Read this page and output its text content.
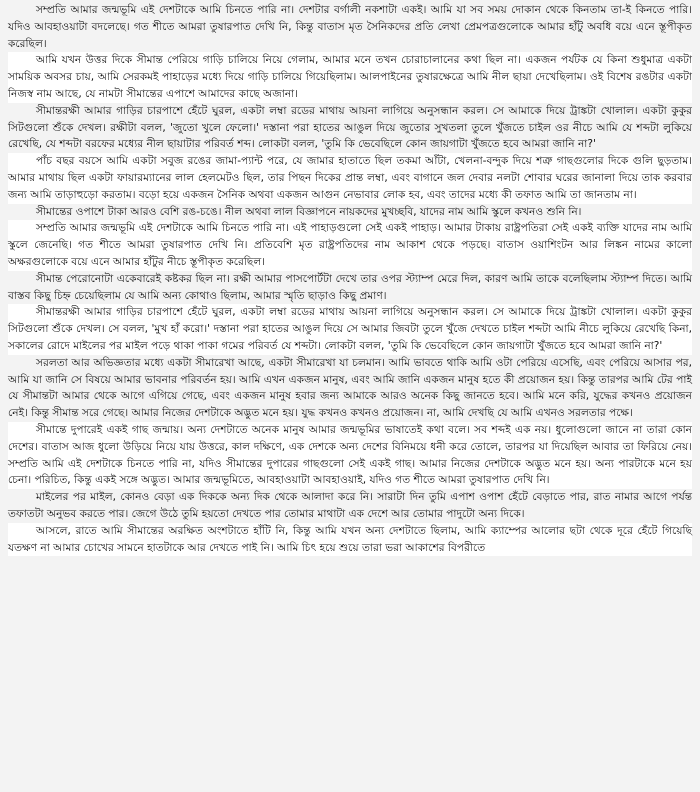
সম্প্রতি আমার জন্মভূমি এই দেশটাকে আমি চিনতে পারি না। দেশটার বর্গালী নকশাটা একই। আমি যা সব সময় দোকান থেকে কিনতাম তা-ই কিনতে পারি। যদিও আবহাওয়াটা বদলেছে। গত শীতে আমরা তুষারপাত দেখি নি, কিন্তু বাতাস মৃত সৈনিকদের প্রতি লেখা প্রেমপত্রগুলোকে আমার হাঁটু অবধি বয়ে এনে স্তূপীকৃত করেছিল।

আমি যখন উত্তর দিকে সীমান্ত পেরিয়ে গাড়ি চালিয়ে নিয়ে গেলাম, আমার মনে তখন চোরাচালানের কথা ছিল না। একজন পর্যটক যে কিনা শুধুমাত্র একটা সাময়িক অবসর চায়, আমি সেরকমই পাহাড়ের মধ্যে দিয়ে গাড়ি চালিয়ে গিয়েছিলাম। আলপাইনের তুষারক্ষেত্রে আমি নীল ছায়া দেখেছিলাম। ওই বিশেষ রঙটার একটা নিজস্ব নাম আছে, যে নামটা সীমান্তের এপাশে আমাদের কাছে অজানা।

সীমান্তরক্ষী আমার গাড়ির চারপাশে হেঁটে ঘুরল, একটা লম্বা রডের মাথায় আয়না লাগিয়ে অনুসন্ধান করল। সে আমাকে দিয়ে ট্রাঙ্কটা খোলাল। একটা কুকুর সিটগুলো শুঁকে দেখল। রক্ষীটা বলল, 'জুতো খুলে ফেলো।' দস্তানা পরা হাতের আঙুল দিয়ে জুতোর সুখতলা তুলে খুঁজতে চাইল ওর নীচে আমি যে শব্দটা লুকিয়ে রেখেছি, যে শব্দটা বরফের মধ্যের নীল ছায়াটার পরিবর্ত শব্দ। লোকটা বলল, 'তুমি কি ভেবেছিলে কোন জায়গাটা খুঁজতে হবে আমরা জানি না?'

পাঁচ বছর বয়সে আমি একটা সবুজ রঙের জামা-প্যান্ট পরে, যে জামার হাতাতে ছিল তকমা আঁটা, খেলনা-বন্দুক দিয়ে শত্রু গাছগুলোর দিকে গুলি ছুড়তাম। আমার মাথায় ছিল একটা ফায়ারম্যানের লাল হেলমেটও ছিল, তার পিছন দিকের প্রান্ত লম্বা, এবং বাগানে জল দেবার নলটা শোবার ঘরের জানালা দিয়ে তাক করবার জন্য আমি তাড়াহুড়ো করতাম। বড়ো হয়ে একজন সৈনিক অথবা একজন আগুন নেভাবার লোক হব, এবং তাদের মধ্যে কী তফাত আমি তা জানতাম না।

সীমান্তের ওপাশে টাকা আরও বেশি রঙ-চঙে। নীল অথবা লাল বিজ্ঞাপনে নায়কদের মুখচ্ছবি, যাদের নাম আমি স্কুলে কখনও শুনি নি।

সম্প্রতি আমার জন্মভূমি এই দেশটাকে আমি চিনতে পারি না। এই পাহাড়গুলো সেই একই পাহাড়। আমার টাকায় রাষ্ট্রপতিরা সেই একই ব্যক্তি যাদের নাম আমি স্কুলে জেনেছি। গত শীতে আমরা তুষারপাত দেখি নি। প্রতিবেশি মৃত রাষ্ট্রপতিদের নাম আকাশ থেকে পড়ছে। বাতাস ওয়াশিংটন আর লিঙ্কন নামের কালো অক্ষরগুলোকে বয়ে এনে আমার হাঁটুর নীচে স্তূপীকৃত করেছিল।

সীমান্ত পেরোনোটা একেবারেই কষ্টকর ছিল না। রক্ষী আমার পাসপোর্টটা দেখে তার ওপর স্ট্যাম্প মেরে দিল, কারণ আমি তাকে বলেছিলাম স্ট্যাম্প দিতে। আমি বাস্তব কিছু চিহ্ন চেয়েছিলাম যে আমি অন্য কোথাও ছিলাম, আমার স্মৃতি ছাড়াও কিছু প্রমাণ।

সীমান্তরক্ষী আমার গাড়ির চারপাশে হেঁটে ঘুরল, একটা লম্বা রডের মাথায় আয়না লাগিয়ে অনুসন্ধান করল। সে আমাকে দিয়ে ট্রাঙ্কটা খোলাল। একটা কুকুর সিটগুলো শুঁকে দেখল। সে বলল, 'মুখ হাঁ করো।' দস্তানা পরা হাতের আঙুল দিয়ে সে আমার জিবটা তুলে খুঁজে দেখতে চাইল শব্দটা আমি নীচে লুকিয়ে রেখেছি কিনা, সকালের রোদে মাইলের পর মাইল পড়ে থাকা পাকা গমের পরিবর্ত যে শব্দটা। লোকটা বলল, 'তুমি কি ভেবেছিলে কোন জায়গাটা খুঁজতে হবে আমরা জানি না?'

সরলতা আর অভিজ্ঞতার মধ্যে একটা সীমারেখা আছে, একটা সীমারেখা যা চলমান। আমি ভাবতে থাকি আমি ওটা পেরিয়ে এসেছি, এবং পেরিয়ে আসার পর, আমি যা জানি সে বিষয়ে আমার ভাবনার পরিবর্তন হয়। আমি এখন একজন মানুষ, এবং আমি জানি একজন মানুষ হতে কী প্রয়োজন হয়। কিন্তু তারপর আমি টের পাই যে সীমান্তটা আমার থেকে আগে এগিয়ে গেছে, এবং একজন মানুষ হবার জন্য আমাকে আরও অনেক কিছু জানতে হবে। আমি মনে করি, যুদ্ধের কখনও প্রয়োজন নেই। কিন্তু সীমান্ত সরে গেছে। আমার নিজের দেশটাকে অদ্ভুত মনে হয়। যুদ্ধ কখনও কখনও প্রয়োজন। না, আমি দেখছি যে আমি এখনও সরলতার পক্ষে।

সীমান্তে দুপারেই একই গাছ জন্মায়। অন্য দেশটাতে অনেক মানুষ আমার জন্মভূমির ভাষাতেই কথা বলে। সব শব্দই এক নয়। ধুলোগুলো জানে না তারা কোন দেশের। বাতাস আজ ধুলো উড়িয়ে নিয়ে যায় উত্তরে, কাল দক্ষিণে, এক দেশকে অন্য দেশের বিনিময়ে ধনী করে তোলে, তারপর যা দিয়েছিল আবার তা ফিরিয়ে নেয়। সম্প্রতি আমি এই দেশটাকে চিনতে পারি না, যদিও সীমান্তের দুপারের গাছগুলো সেই একই গাছ। আমার নিজের দেশটাকে অদ্ভুত মনে হয়। অন্য পারটাকে মনে হয় চেনা। পরিচিত, কিন্তু একই সঙ্গে অদ্ভুত। আমার জন্মভূমিতে, আবহাওয়াটা আবহাওয়াই, যদিও গত শীতে আমরা তুষারপাত দেখি নি।

মাইলের পর মাইল, কোনও বেড়া এক দিককে অন্য দিক থেকে আলাদা করে নি। সারাটা দিন তুমি এপাশ ওপাশ হেঁটে বেড়াতে পার, রাত নামার আগে পর্যন্ত তফাতটা অনুভব করতে পার। জেগে উঠে তুমি হয়তো দেখতে পার তোমার মাথাটা এক দেশে আর তোমার পাদুটো অন্য দিকে।

আসলে, রাতে আমি সীমান্তের অরক্ষিত অংশটাতে হাঁটি নি, কিন্তু আমি যখন অন্য দেশটাতে ছিলাম, আমি ক্যাম্পের আলোর ছটা থেকে দূরে হেঁটে গিয়েছি যতক্ষণ না আমার চোখের সামনে হাতটাকে আর দেখতে পাই নি। আমি চিৎ হয়ে শুয়ে তারা ভরা আকাশের বিপরীতে
